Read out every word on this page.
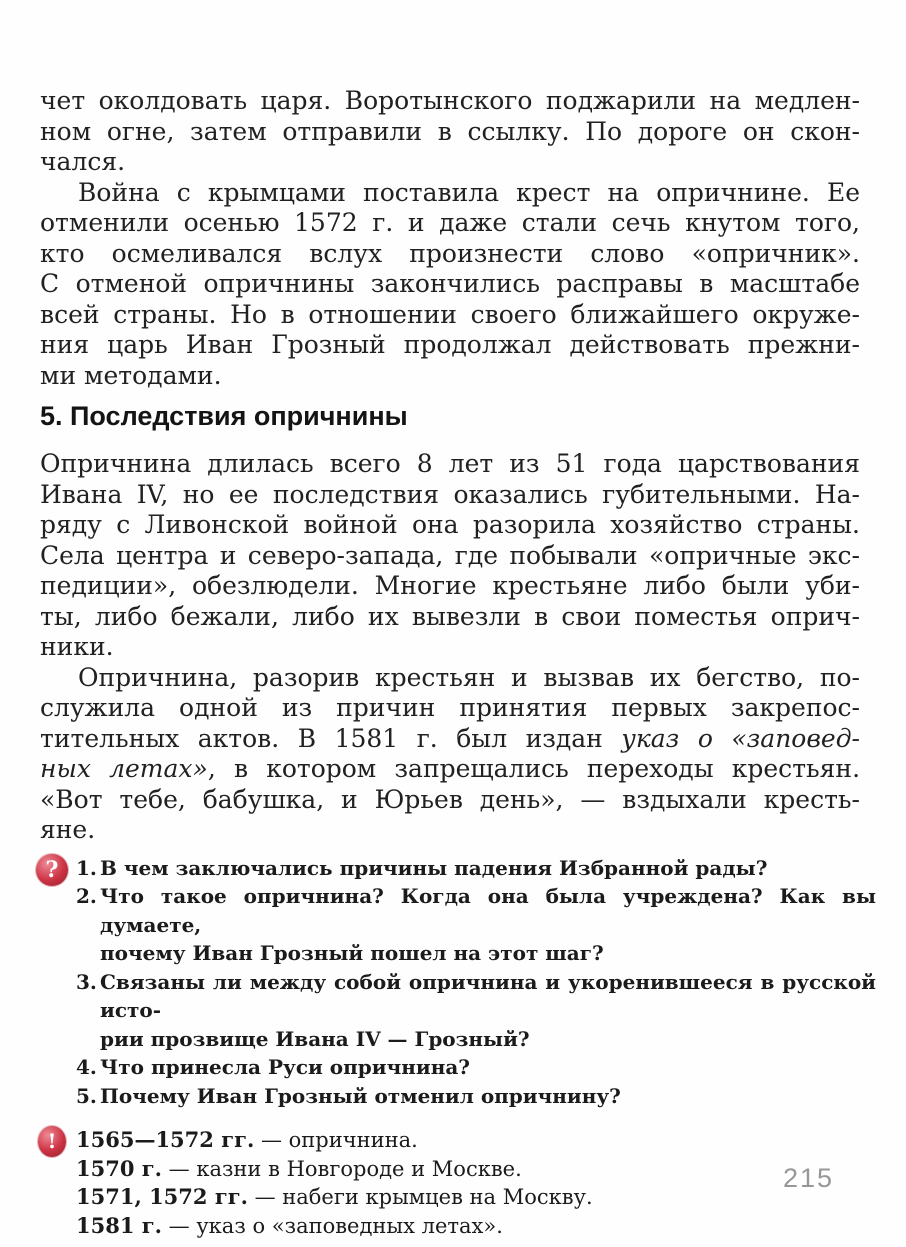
чет околдовать царя. Воротынского поджарили на медлен-
ном огне, затем отправили в ссылку. По дороге он скон-
чался.
Война с крымцами поставила крест на опричнине. Ее
отменили осенью 1572 г. и даже стали сечь кнутом того,
кто осмеливался вслух произнести слово «опричник».
С отменой опричнины закончились расправы в масштабе
всей страны. Но в отношении своего ближайшего окруже-
ния царь Иван Грозный продолжал действовать прежни-
ми методами.
5. Последствия опричнины
Опричнина длилась всего 8 лет из 51 года царствования
Ивана IV, но ее последствия оказались губительными. На-
ряду с Ливонской войной она разорила хозяйство страны.
Села центра и северо-запада, где побывали «опричные экс-
педиции», обезлюдели. Многие крестьяне либо были уби-
ты, либо бежали, либо их вывезли в свои поместья оприч-
ники.
Опричнина, разорив крестьян и вызвав их бегство, по-
служила одной из причин принятия первых закрепос-
тительных актов. В 1581 г. был издан указ о «заповед-
ных летах», в котором запрещались переходы крестьян.
«Вот тебе, бабушка, и Юрьев день», — вздыхали кресть-
яне.
? 1. В чем заключались причины падения Избранной рады?
2. Что такое опричнина? Когда она была учреждена? Как вы думаете,
почему Иван Грозный пошел на этот шаг?
3. Связаны ли между собой опричнина и укоренившееся в русской исто-
рии прозвище Ивана IV — Грозный?
4. Что принесла Руси опричнина?
5. Почему Иван Грозный отменил опричнину?
! 1565—1572 гг. — опричнина.
1570 г. — казни в Новгороде и Москве.
1571, 1572 гг. — набеги крымцев на Москву.
1581 г. — указ о «заповедных летах».
215
